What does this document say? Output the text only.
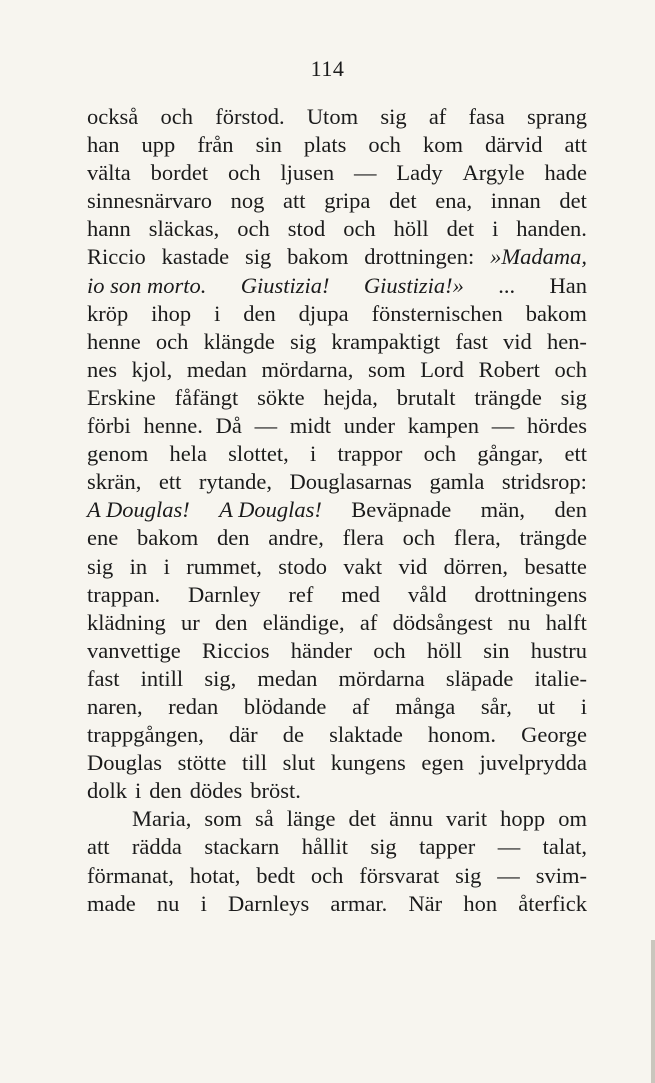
114
också och förstod. Utom sig af fasa sprang
han upp från sin plats och kom därvid att
välta bordet och ljusen — Lady Argyle hade
sinnesnärvaro nog att gripa det ena, innan det
hann släckas, och stod och höll det i handen.
Riccio kastade sig bakom drottningen: »Madama,
io son morto. Giustizia! Giustizia!» ... Han
kröp ihop i den djupa fönsternischen bakom
henne och klängde sig krampaktigt fast vid hen-
nes kjol, medan mördarna, som Lord Robert och
Erskine fåfängt sökte hejda, brutalt trängde sig
förbi henne. Då — midt under kampen — hördes
genom hela slottet, i trappor och gångar, ett
skrän, ett rytande, Douglasarnas gamla stridsrop:
A Douglas! A Douglas! Beväpnade män, den
ene bakom den andre, flera och flera, trängde
sig in i rummet, stodo vakt vid dörren, besatte
trappan. Darnley ref med våld drottningens
klädning ur den eländige, af dödsångest nu halft
vanvettige Riccios händer och höll sin hustru
fast intill sig, medan mördarna släpade italie-
naren, redan blödande af många sår, ut i
trappgången, där de slaktade honom. George
Douglas stötte till slut kungens egen juvelprydda
dolk i den dödes bröst.
Maria, som så länge det ännu varit hopp om
att rädda stackarn hållit sig tapper — talat,
förmanat, hotat, bedt och försvarat sig — svim-
made nu i Darnleys armar. När hon återfick
